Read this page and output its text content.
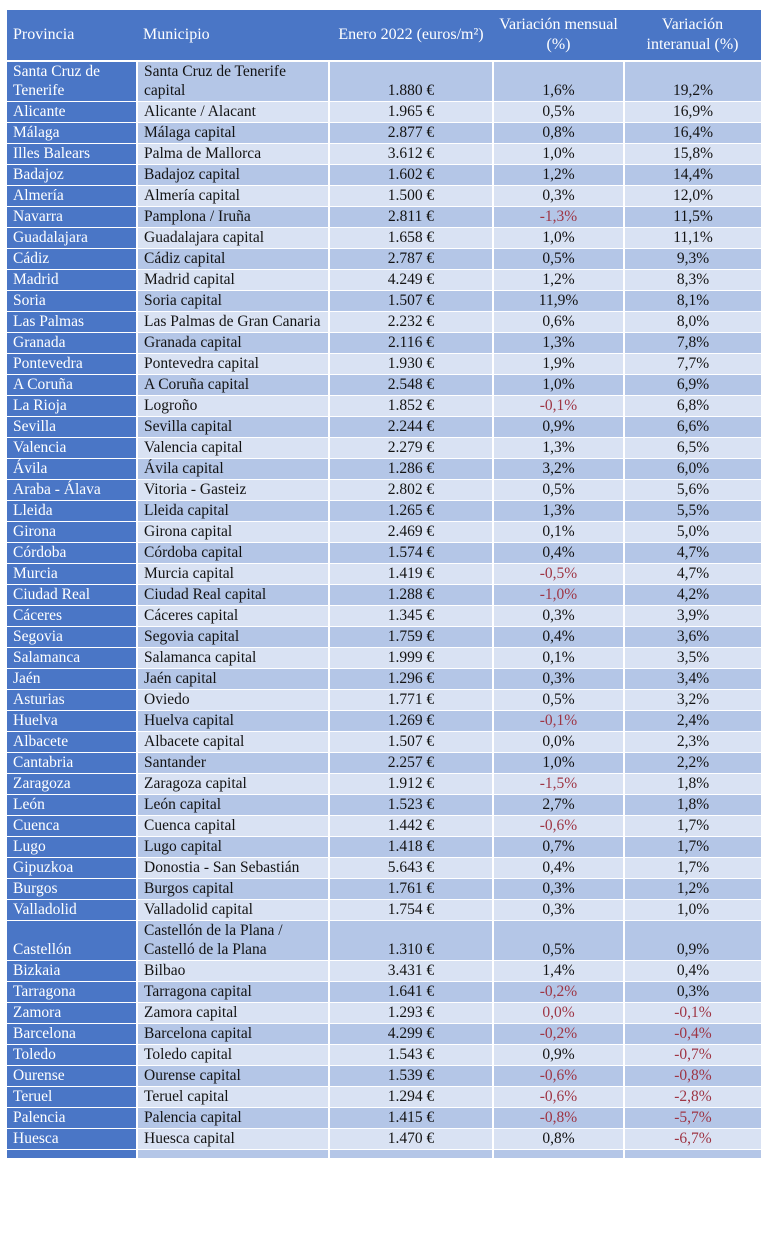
Provincia	Municipio	Enero 2022 (euros/m²)	Variación mensual (%)	Variación interanual (%)
Santa Cruz de Tenerife	Santa Cruz de Tenerife capital	1.880 €	1,6%	19,2%
Alicante	Alicante / Alacant	1.965 €	0,5%	16,9%
Málaga	Málaga capital	2.877 €	0,8%	16,4%
Illes Balears	Palma de Mallorca	3.612 €	1,0%	15,8%
Badajoz	Badajoz capital	1.602 €	1,2%	14,4%
Almería	Almería capital	1.500 €	0,3%	12,0%
Navarra	Pamplona / Iruña	2.811 €	-1,3%	11,5%
Guadalajara	Guadalajara capital	1.658 €	1,0%	11,1%
Cádiz	Cádiz capital	2.787 €	0,5%	9,3%
Madrid	Madrid capital	4.249 €	1,2%	8,3%
Soria	Soria capital	1.507 €	11,9%	8,1%
Las Palmas	Las Palmas de Gran Canaria	2.232 €	0,6%	8,0%
Granada	Granada capital	2.116 €	1,3%	7,8%
Pontevedra	Pontevedra capital	1.930 €	1,9%	7,7%
A Coruña	A Coruña capital	2.548 €	1,0%	6,9%
La Rioja	Logroño	1.852 €	-0,1%	6,8%
Sevilla	Sevilla capital	2.244 €	0,9%	6,6%
Valencia	Valencia capital	2.279 €	1,3%	6,5%
Ávila	Ávila capital	1.286 €	3,2%	6,0%
Araba - Álava	Vitoria - Gasteiz	2.802 €	0,5%	5,6%
Lleida	Lleida capital	1.265 €	1,3%	5,5%
Girona	Girona capital	2.469 €	0,1%	5,0%
Córdoba	Córdoba capital	1.574 €	0,4%	4,7%
Murcia	Murcia capital	1.419 €	-0,5%	4,7%
Ciudad Real	Ciudad Real capital	1.288 €	-1,0%	4,2%
Cáceres	Cáceres capital	1.345 €	0,3%	3,9%
Segovia	Segovia capital	1.759 €	0,4%	3,6%
Salamanca	Salamanca capital	1.999 €	0,1%	3,5%
Jaén	Jaén capital	1.296 €	0,3%	3,4%
Asturias	Oviedo	1.771 €	0,5%	3,2%
Huelva	Huelva capital	1.269 €	-0,1%	2,4%
Albacete	Albacete capital	1.507 €	0,0%	2,3%
Cantabria	Santander	2.257 €	1,0%	2,2%
Zaragoza	Zaragoza capital	1.912 €	-1,5%	1,8%
León	León capital	1.523 €	2,7%	1,8%
Cuenca	Cuenca capital	1.442 €	-0,6%	1,7%
Lugo	Lugo capital	1.418 €	0,7%	1,7%
Gipuzkoa	Donostia - San Sebastián	5.643 €	0,4%	1,7%
Burgos	Burgos capital	1.761 €	0,3%	1,2%
Valladolid	Valladolid capital	1.754 €	0,3%	1,0%
Castellón	Castellón de la Plana / Castelló de la Plana	1.310 €	0,5%	0,9%
Bizkaia	Bilbao	3.431 €	1,4%	0,4%
Tarragona	Tarragona capital	1.641 €	-0,2%	0,3%
Zamora	Zamora capital	1.293 €	0,0%	-0,1%
Barcelona	Barcelona capital	4.299 €	-0,2%	-0,4%
Toledo	Toledo capital	1.543 €	0,9%	-0,7%
Ourense	Ourense capital	1.539 €	-0,6%	-0,8%
Teruel	Teruel capital	1.294 €	-0,6%	-2,8%
Palencia	Palencia capital	1.415 €	-0,8%	-5,7%
Huesca	Huesca capital	1.470 €	0,8%	-6,7%
